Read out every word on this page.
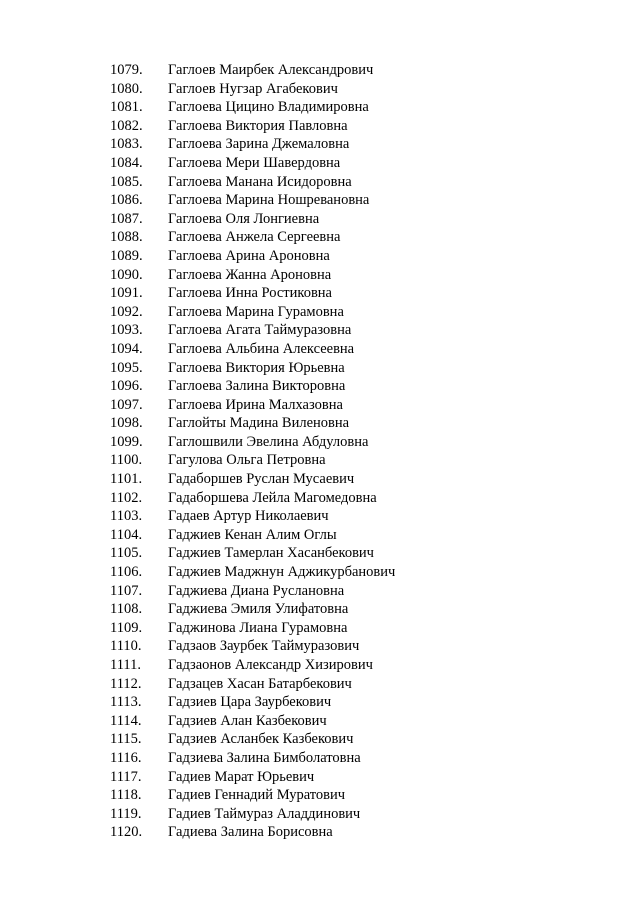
1079. Гаглоев Маирбек Александрович
1080. Гаглоев Нугзар Агабекович
1081. Гаглоева Цицино Владимировна
1082. Гаглоева Виктория Павловна
1083. Гаглоева Зарина Джемаловна
1084. Гаглоева Мери Шавердовна
1085. Гаглоева Манана Исидоровна
1086. Гаглоева Марина Ношревановна
1087. Гаглоева Оля Лонгиевна
1088. Гаглоева Анжела Сергеевна
1089. Гаглоева Арина Ароновна
1090. Гаглоева Жанна Ароновна
1091. Гаглоева Инна Ростиковна
1092. Гаглоева Марина Гурамовна
1093. Гаглоева Агата Таймуразовна
1094. Гаглоева Альбина Алексеевна
1095. Гаглоева Виктория Юрьевна
1096. Гаглоева Залина Викторовна
1097. Гаглоева Ирина Малхазовна
1098. Гаглойты Мадина Виленовна
1099. Гаглошвили Эвелина Абдуловна
1100. Гагулова Ольга Петровна
1101. Гадаборшев Руслан Мусаевич
1102. Гадаборшева Лейла Магомедовна
1103. Гадаев Артур Николаевич
1104. Гаджиев Кенан Алим Оглы
1105. Гаджиев Тамерлан Хасанбекович
1106. Гаджиев Маджнун Аджикурбанович
1107. Гаджиева Диана Руслановна
1108. Гаджиева Эмиля Улифатовна
1109. Гаджинова Лиана Гурамовна
1110. Гадзаов Заурбек Таймуразович
1111. Гадзаонов Александр Хизирович
1112. Гадзацев Хасан Батарбекович
1113. Гадзиев Цара Заурбекович
1114. Гадзиев Алан Казбекович
1115. Гадзиев Асланбек Казбекович
1116. Гадзиева Залина Бимболатовна
1117. Гадиев Марат Юрьевич
1118. Гадиев Геннадий Муратович
1119. Гадиев Таймураз Аладдинович
1120. Гадиева Залина Борисовна
